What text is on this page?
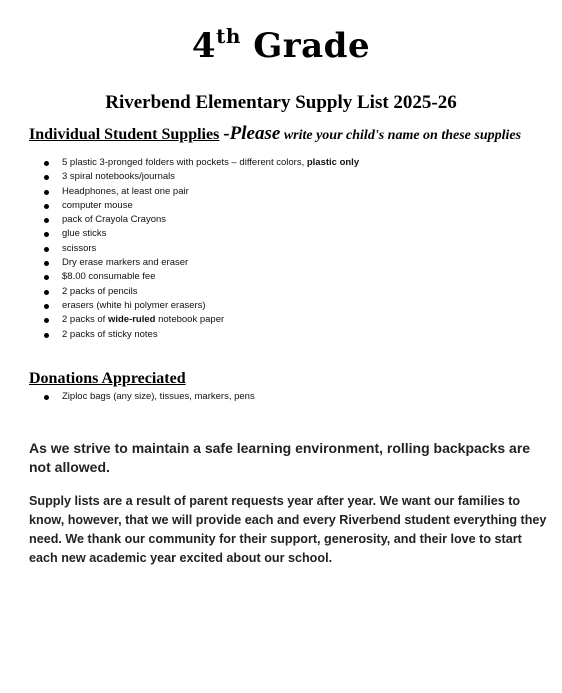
4th Grade
Riverbend Elementary Supply List 2025-26
Individual Student Supplies -Please write your child's name on these supplies
5 plastic 3-pronged folders with pockets – different colors, plastic only
3 spiral notebooks/journals
Headphones, at least one pair
computer mouse
pack of Crayola Crayons
glue sticks
scissors
Dry erase markers and eraser
$8.00 consumable fee
2 packs of pencils
erasers (white hi polymer erasers)
2 packs of wide-ruled notebook paper
2 packs of sticky notes
Donations Appreciated
Ziploc bags (any size), tissues, markers, pens
As we strive to maintain a safe learning environment, rolling backpacks are not allowed.
Supply lists are a result of parent requests year after year. We want our families to know, however, that we will provide each and every Riverbend student everything they need. We thank our community for their support, generosity, and their love to start each new academic year excited about our school.
